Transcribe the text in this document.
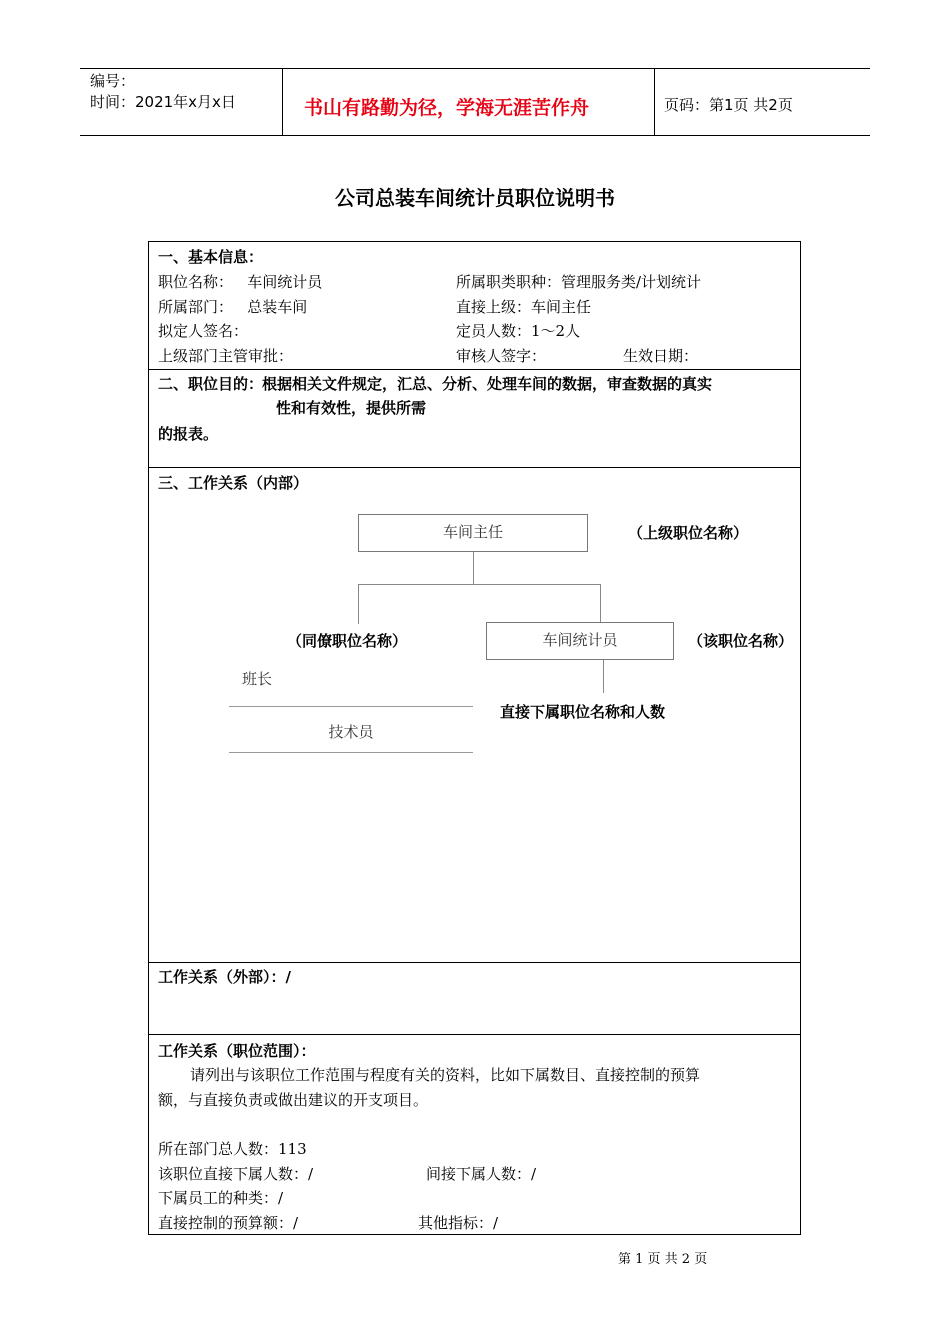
编号：
时间：2021年x月x日	书山有路勤为径，学海无涯苦作舟	页码：第1页 共2页
公司总装车间统计员职位说明书
一、基本信息：
职位名称：   车间统计员	所属职类职种：管理服务类/计划统计
所属部门：   总装车间	直接上级：车间主任
拟定人签名：	定员人数：1～2人
上级部门主管审批：	审核人签字：	生效日期：
二、职位目的：
根据相关文件规定，汇总、分析、处理车间的数据，审查数据的真实
性和有效性，提供所需
的报表。
三、工作关系（内部）
车间主任	（上级职位名称）
（同僚职位名称）	车间统计员	（该职位名称）
班长
技术员
直接下属职位名称和人数
工作关系（外部）：/
工作关系（职位范围）：
请列出与该职位工作范围与程度有关的资料，比如下属数目、直接控制的预算
额，与直接负责或做出建议的开支项目。
所在部门总人数：113
该职位直接下属人数：/	间接下属人数：/
下属员工的种类：/
直接控制的预算额：/	其他指标：/
第 1 页 共 2 页
